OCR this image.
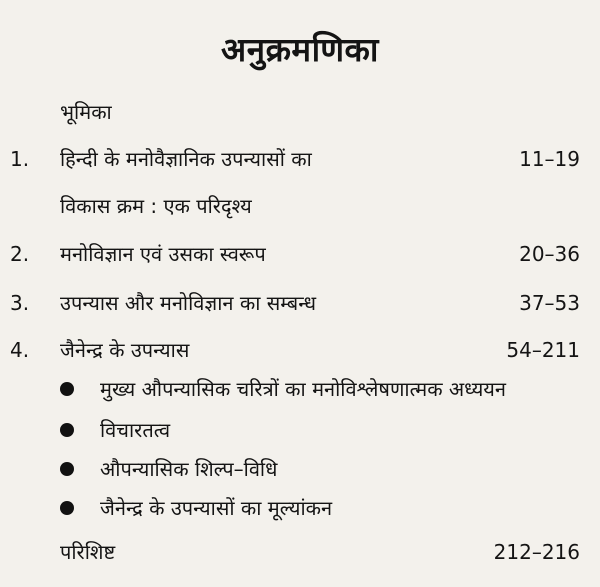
अनुक्रमणिका
भूमिका
1. हिन्दी के मनोवैज्ञानिक उपन्यासों का	11–19
विकास क्रम : एक परिदृश्य
2. मनोविज्ञान एवं उसका स्वरूप	20–36
3. उपन्यास और मनोविज्ञान का सम्बन्ध	37–53
4. जैनेन्द्र के उपन्यास	54–211
मुख्य औपन्यासिक चरित्रों का मनोविश्लेषणात्मक अध्ययन
विचारतत्व
औपन्यासिक शिल्प–विधि
जैनेन्द्र के उपन्यासों का मूल्यांकन
परिशिष्ट	212–216
